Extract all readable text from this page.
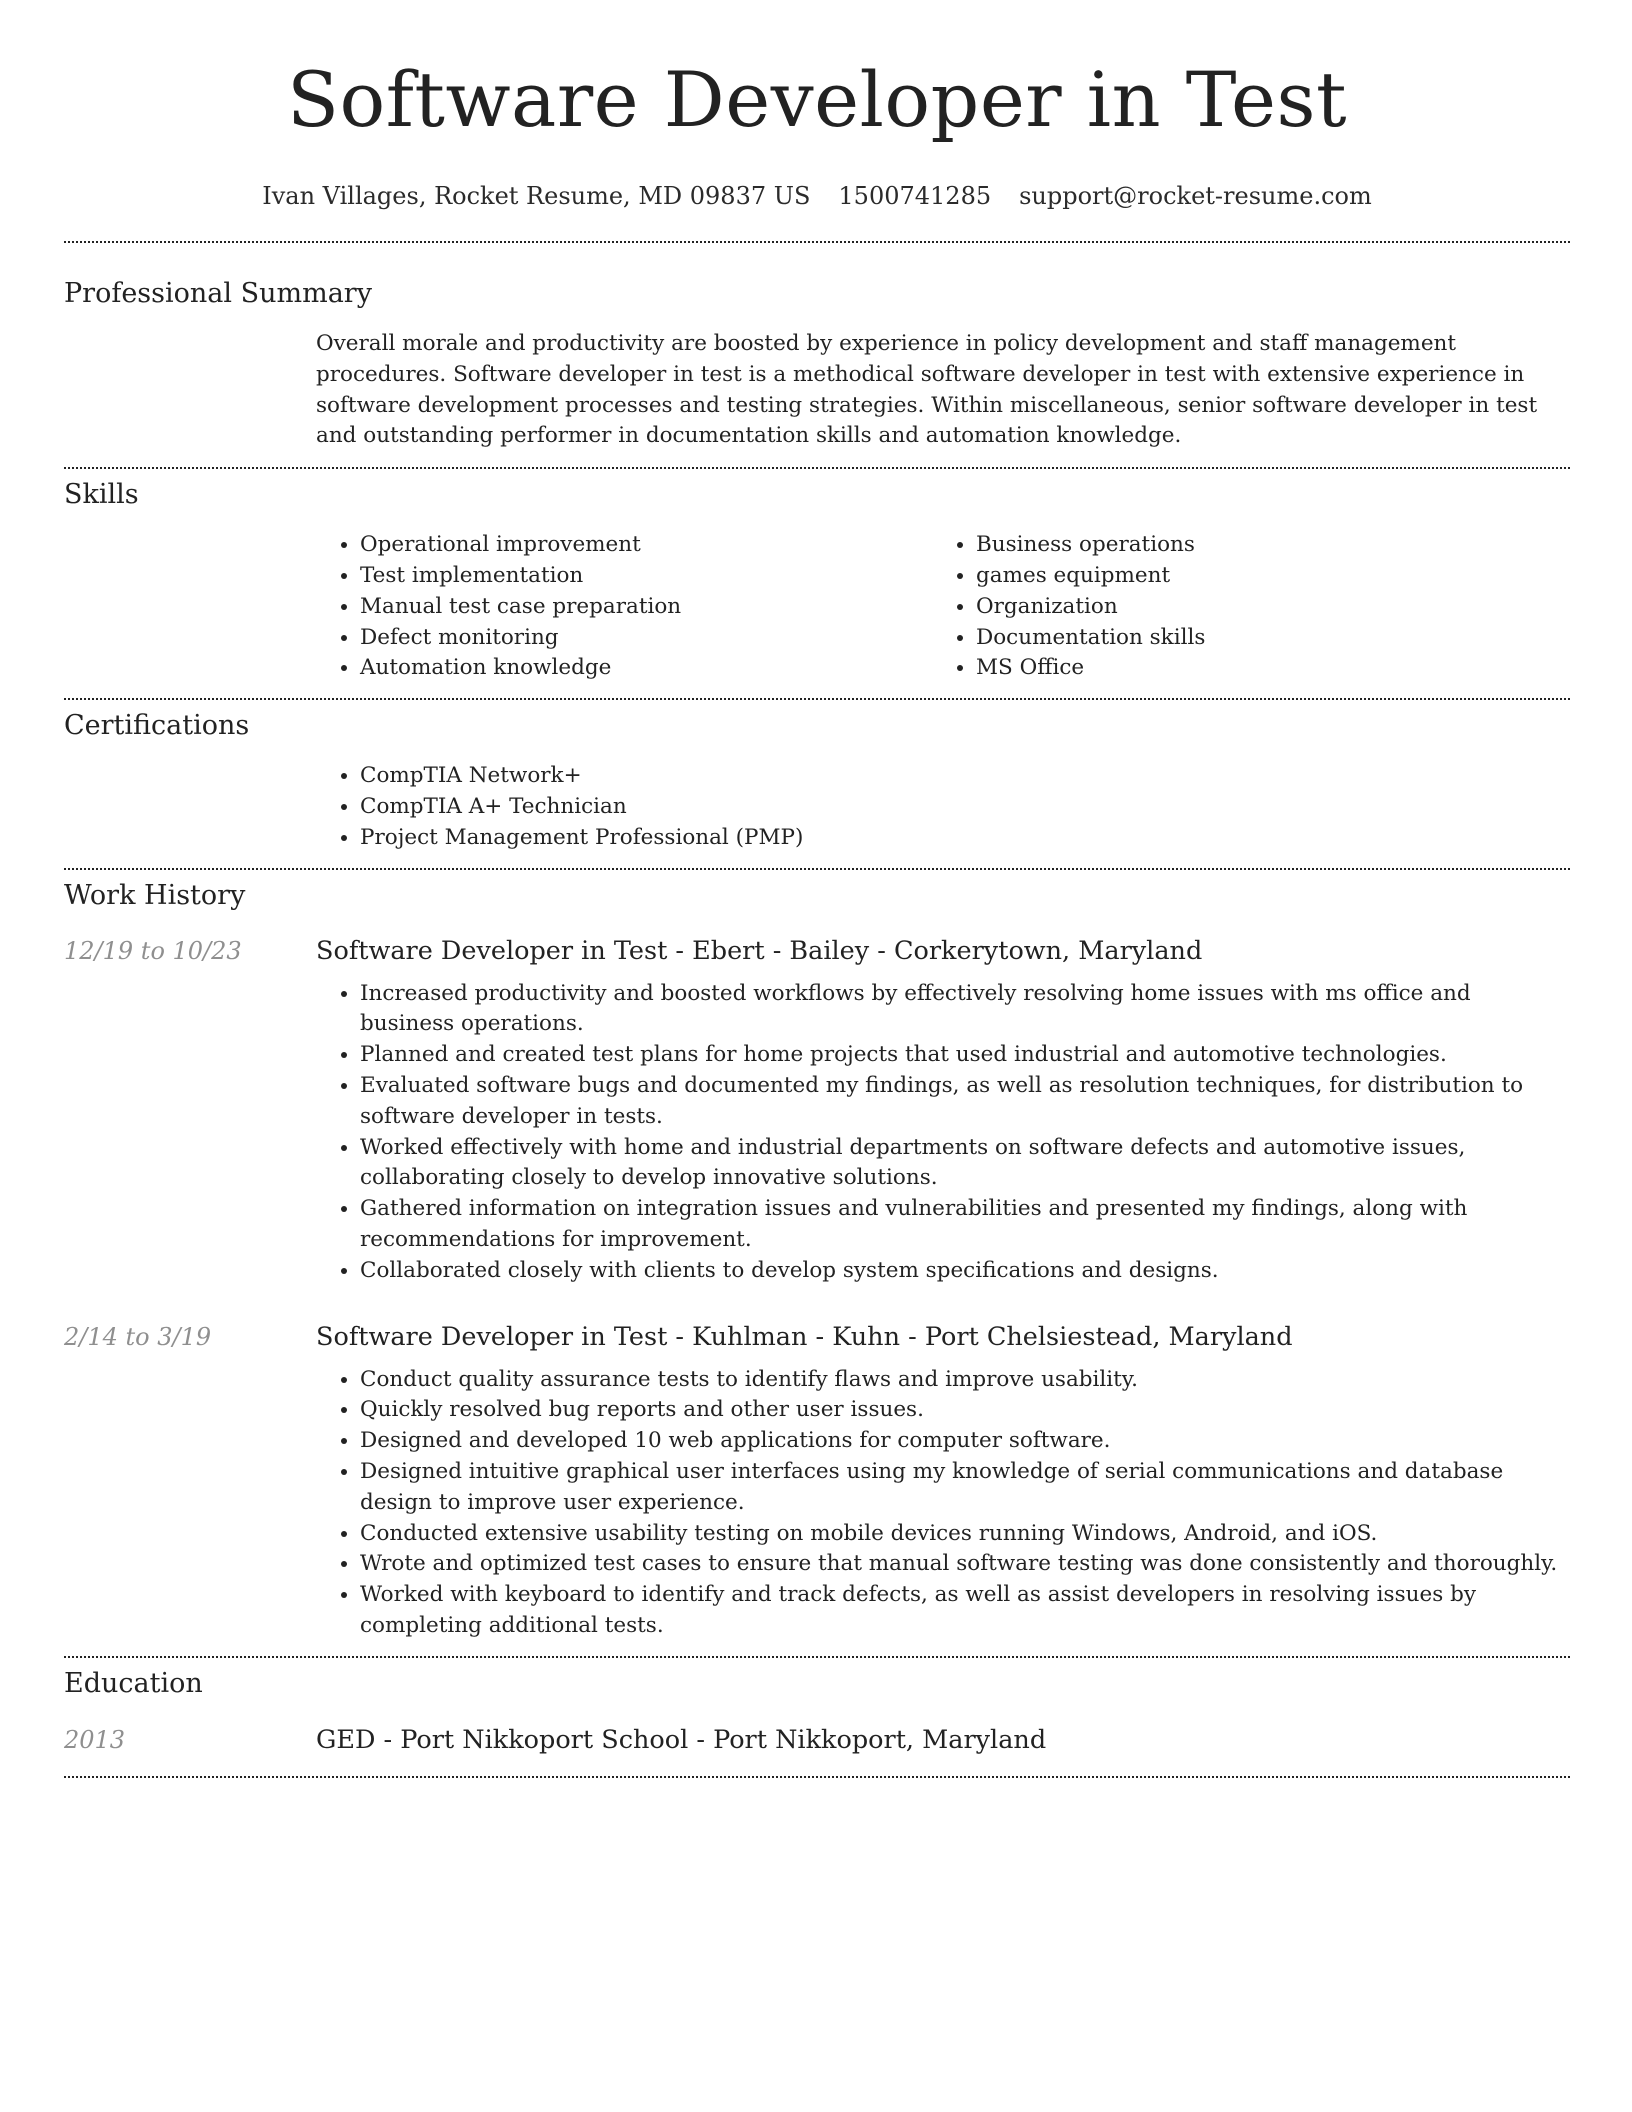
Software Developer in Test
Ivan Villages, Rocket Resume, MD 09837 US 1500741285 support@rocket-resume.com
Professional Summary
Overall morale and productivity are boosted by experience in policy development and staff management procedures. Software developer in test is a methodical software developer in test with extensive experience in software development processes and testing strategies. Within miscellaneous, senior software developer in test and outstanding performer in documentation skills and automation knowledge.
Skills
• Operational improvement
• Test implementation
• Manual test case preparation
• Defect monitoring
• Automation knowledge
• Business operations
• games equipment
• Organization
• Documentation skills
• MS Office
Certifications
• CompTIA Network+
• CompTIA A+ Technician
• Project Management Professional (PMP)
Work History
12/19 to 10/23	Software Developer in Test - Ebert - Bailey - Corkerytown, Maryland
• Increased productivity and boosted workflows by effectively resolving home issues with ms office and business operations.
• Planned and created test plans for home projects that used industrial and automotive technologies.
• Evaluated software bugs and documented my findings, as well as resolution techniques, for distribution to software developer in tests.
• Worked effectively with home and industrial departments on software defects and automotive issues, collaborating closely to develop innovative solutions.
• Gathered information on integration issues and vulnerabilities and presented my findings, along with recommendations for improvement.
• Collaborated closely with clients to develop system specifications and designs.
2/14 to 3/19	Software Developer in Test - Kuhlman - Kuhn - Port Chelsiestead, Maryland
• Conduct quality assurance tests to identify flaws and improve usability.
• Quickly resolved bug reports and other user issues.
• Designed and developed 10 web applications for computer software.
• Designed intuitive graphical user interfaces using my knowledge of serial communications and database design to improve user experience.
• Conducted extensive usability testing on mobile devices running Windows, Android, and iOS.
• Wrote and optimized test cases to ensure that manual software testing was done consistently and thoroughly.
• Worked with keyboard to identify and track defects, as well as assist developers in resolving issues by completing additional tests.
Education
2013	GED - Port Nikkoport School - Port Nikkoport, Maryland
